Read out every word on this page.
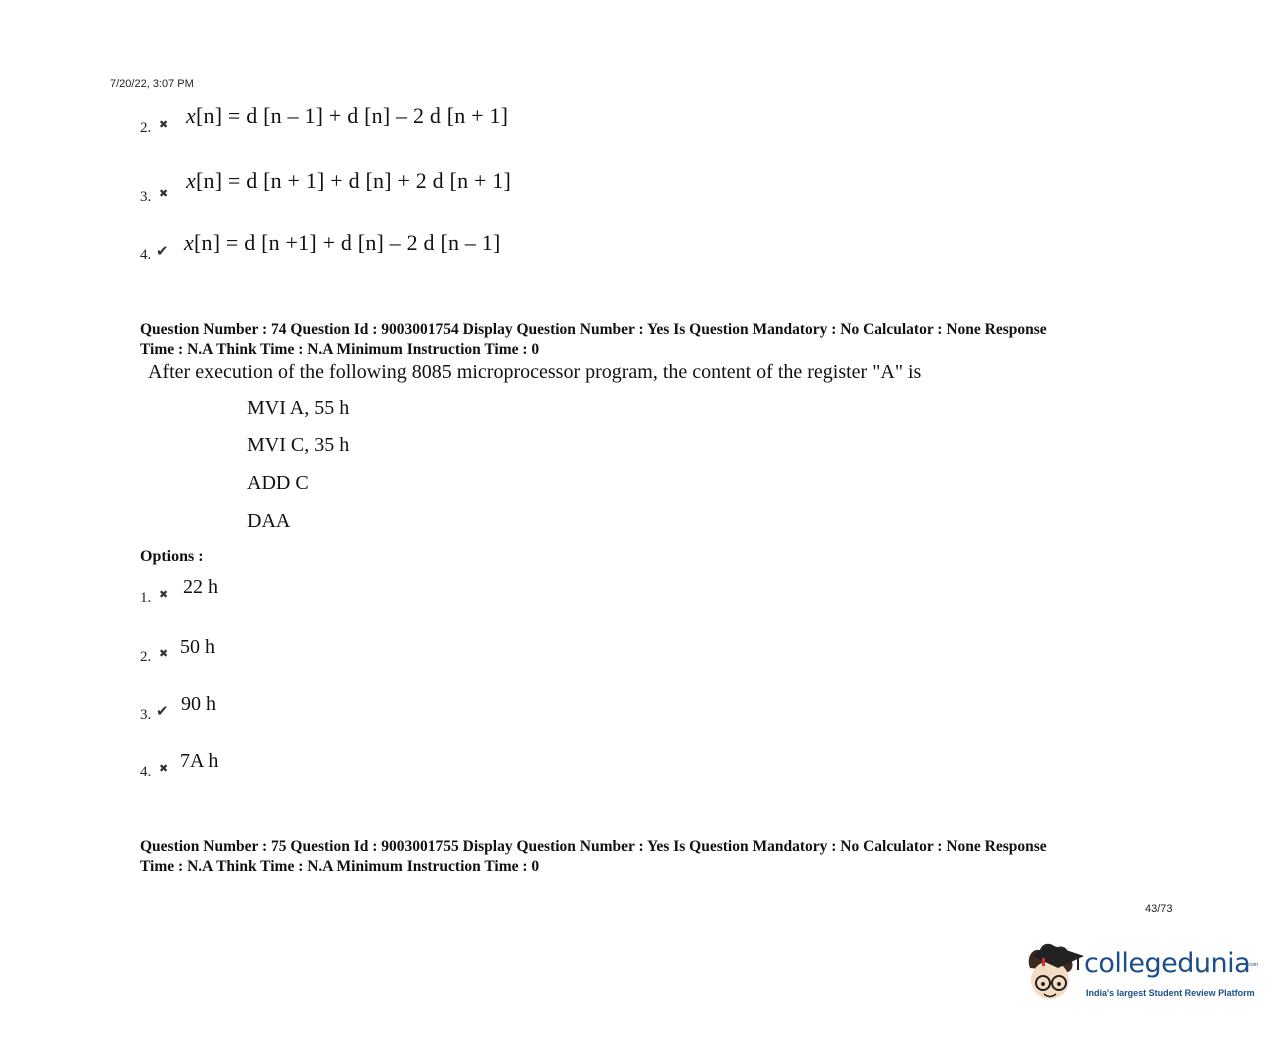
7/20/22, 3:07 PM
2. ✖ x[n] = d [n – 1] + d [n] – 2 d [n + 1]
3. ✖
x[n] = d [n + 1] + d [n] + 2 d [n + 1]
4. ✔ x[n] = d [n +1] + d [n] – 2 d [n – 1]
Question Number : 74 Question Id : 9003001754 Display Question Number : Yes Is Question Mandatory : No Calculator : None Response
Time : N.A Think Time : N.A Minimum Instruction Time : 0
After execution of the following 8085 microprocessor program, the content of the register "A" is
MVI A, 55 h
MVI C, 35 h
ADD C
DAA
Options :
1. ✖ 22 h
2. ✖ 50 h
3. ✔ 90 h
4. ✖ 7A h
Question Number : 75 Question Id : 9003001755 Display Question Number : Yes Is Question Mandatory : No Calculator : None Response
Time : N.A Think Time : N.A Minimum Instruction Time : 0
43/73
collegedunia
.com
India's largest Student Review Platform
